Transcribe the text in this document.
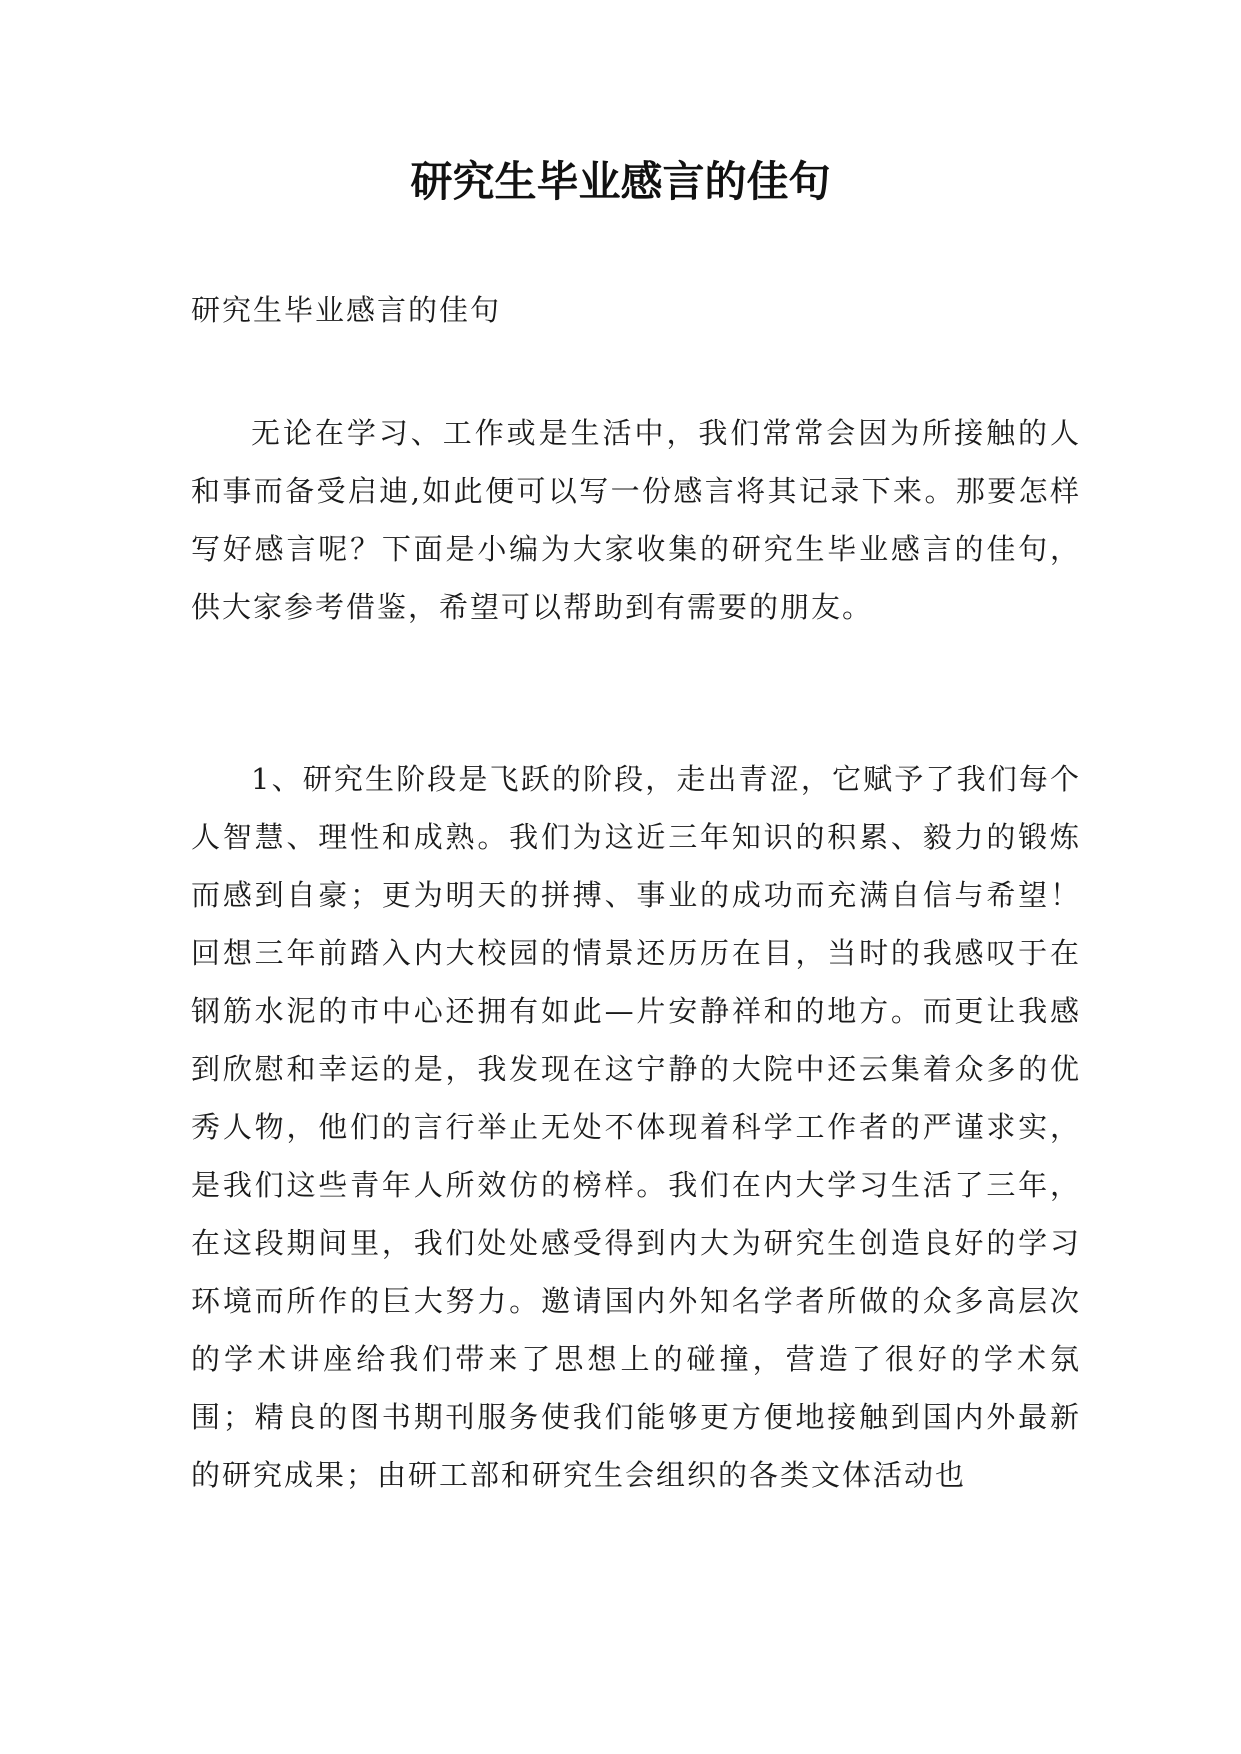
研究生毕业感言的佳句

研究生毕业感言的佳句

无论在学习、工作或是生活中，我们常常会因为所接触的人和事而备受启迪,如此便可以写一份感言将其记录下来。那要怎样写好感言呢？下面是小编为大家收集的研究生毕业感言的佳句，供大家参考借鉴，希望可以帮助到有需要的朋友。

1、研究生阶段是飞跃的阶段，走出青涩，它赋予了我们每个人智慧、理性和成熟。我们为这近三年知识的积累、毅力的锻炼而感到自豪；更为明天的拼搏、事业的成功而充满自信与希望！回想三年前踏入内大校园的情景还历历在目，当时的我感叹于在钢筋水泥的市中心还拥有如此—片安静祥和的地方。而更让我感到欣慰和幸运的是，我发现在这宁静的大院中还云集着众多的优秀人物，他们的言行举止无处不体现着科学工作者的严谨求实，是我们这些青年人所效仿的榜样。我们在内大学习生活了三年，在这段期间里，我们处处感受得到内大为研究生创造良好的学习环境而所作的巨大努力。邀请国内外知名学者所做的众多高层次的学术讲座给我们带来了思想上的碰撞，营造了很好的学术氛围；精良的图书期刊服务使我们能够更方便地接触到国内外最新的研究成果；由研工部和研究生会组织的各类文体活动也
